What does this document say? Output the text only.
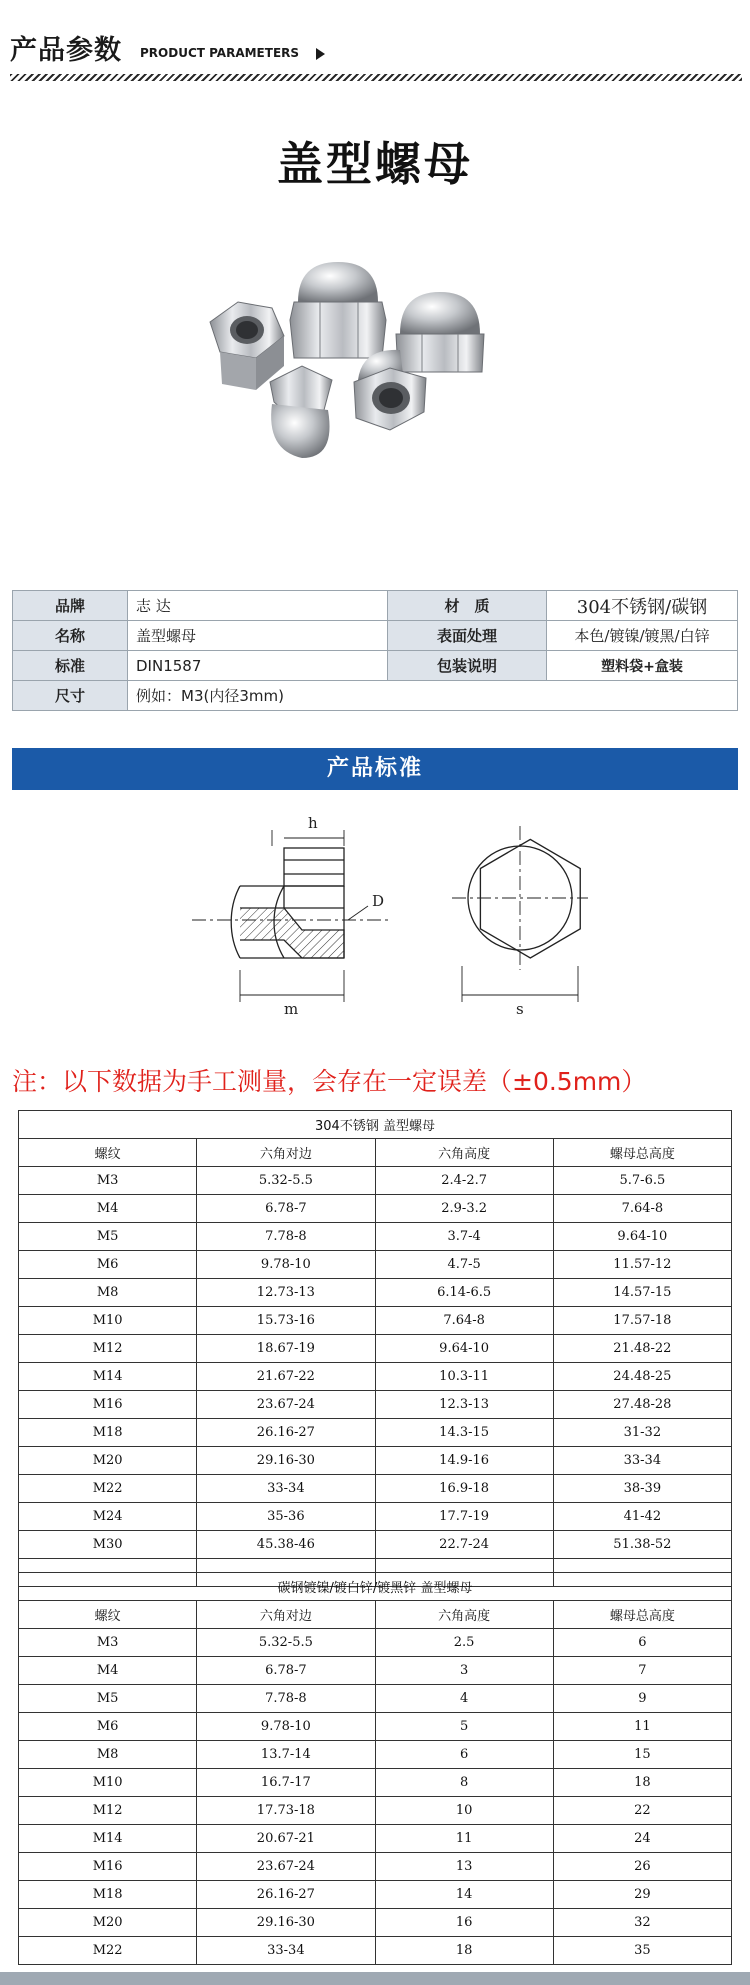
产品参数 PRODUCT PARAMETERS
盖型螺母
品牌	志 达	材　质	304不锈钢/碳钢
名称	盖型螺母	表面处理	本色/镀镍/镀黑/白锌
标准	DIN1587	包装说明	塑料袋+盒装
尺寸	例如：M3(内径3mm)		
产品标准
h
D
m	s
注：以下数据为手工测量，会存在一定误差（±0.5mm）
304不锈钢 盖型螺母			
螺纹	六角对边	六角高度	螺母总高度
M3	5.32-5.5	2.4-2.7	5.7-6.5
M4	6.78-7	2.9-3.2	7.64-8
M5	7.78-8	3.7-4	9.64-10
M6	9.78-10	4.7-5	11.57-12
M8	12.73-13	6.14-6.5	14.57-15
M10	15.73-16	7.64-8	17.57-18
M12	18.67-19	9.64-10	21.48-22
M14	21.67-22	10.3-11	24.48-25
M16	23.67-24	12.3-13	27.48-28
M18	26.16-27	14.3-15	31-32
M20	29.16-30	14.9-16	33-34
M22	33-34	16.9-18	38-39
M24	35-36	17.7-19	41-42
M30	45.38-46	22.7-24	51.38-52

碳钢镀镍/镀白锌/镀黑锌 盖型螺母			
螺纹	六角对边	六角高度	螺母总高度
M3	5.32-5.5	2.5	6
M4	6.78-7	3	7
M5	7.78-8	4	9
M6	9.78-10	5	11
M8	13.7-14	6	15
M10	16.7-17	8	18
M12	17.73-18	10	22
M14	20.67-21	11	24
M16	23.67-24	13	26
M18	26.16-27	14	29
M20	29.16-30	16	32
M22	33-34	18	35
